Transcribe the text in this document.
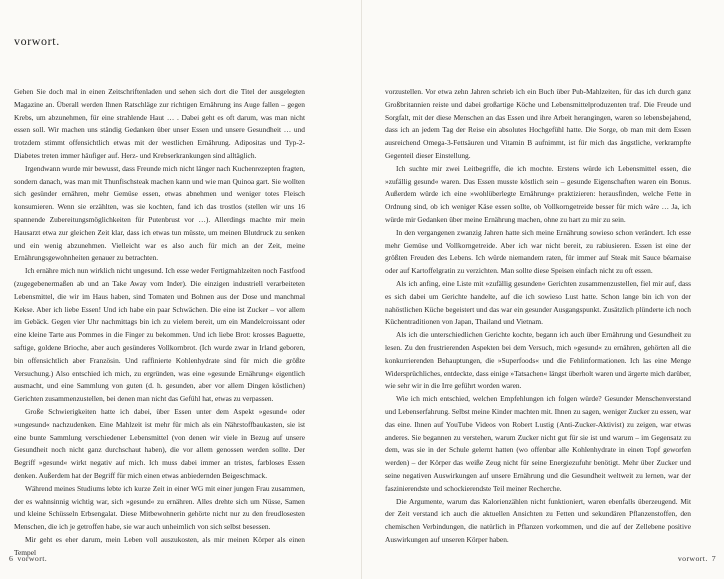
vorwort.

Gehen Sie doch mal in einen Zeitschriftenladen und sehen sich dort die Titel der ausgelegten Magazine an. Überall werden Ihnen Ratschläge zur richtigen Ernährung ins Auge fallen – gegen Krebs, um abzunehmen, für eine strahlende Haut … . Dabei geht es oft darum, was man nicht essen soll. Wir machen uns ständig Gedanken über unser Essen und unsere Gesundheit … und trotzdem stimmt offensichtlich etwas mit der westlichen Ernährung. Adipositas und Typ-2-Diabetes treten immer häufiger auf. Herz- und Krebserkrankungen sind alltäglich.

Irgendwann wurde mir bewusst, dass Freunde mich nicht länger nach Kuchenrezepten fragten, sondern danach, was man mit Thunfischsteak machen kann und wie man Quinoa gart. Sie wollten sich gesünder ernähren, mehr Gemüse essen, etwas abnehmen und weniger totes Fleisch konsumieren. Wenn sie erzählten, was sie kochten, fand ich das trostlos (stellen wir uns 16 spannende Zubereitungsmöglichkeiten für Putenbrust vor …). Allerdings machte mir mein Hausarzt etwa zur gleichen Zeit klar, dass ich etwas tun müsste, um meinen Blutdruck zu senken und ein wenig abzunehmen. Vielleicht war es also auch für mich an der Zeit, meine Ernährungsgewohnheiten genauer zu betrachten.

Ich ernähre mich nun wirklich nicht ungesund. Ich esse weder Fertigmahlzeiten noch Fastfood (zugegebenermaßen ab und an Take Away vom Inder). Die einzigen industriell verarbeiteten Lebensmittel, die wir im Haus haben, sind Tomaten und Bohnen aus der Dose und manchmal Kekse. Aber ich liebe Essen! Und ich habe ein paar Schwächen. Die eine ist Zucker – vor allem im Gebäck. Gegen vier Uhr nachmittags bin ich zu vielem bereit, um ein Mandelcroissant oder eine kleine Tarte aus Pommes in die Finger zu bekommen. Und ich liebe Brot: krosses Baguette, saftige, goldene Brioche, aber auch gesünderes Vollkornbrot. (Ich wurde zwar in Irland geboren, bin offensichtlich aber Französin. Und raffinierte Kohlenhydrate sind für mich die größte Versuchung.) Also entschied ich mich, zu ergründen, was eine »gesunde Ernährung« eigentlich ausmacht, und eine Sammlung von guten (d. h. gesunden, aber vor allem Dingen köstlichen) Gerichten zusammenzustellen, bei denen man nicht das Gefühl hat, etwas zu verpassen.

Große Schwierigkeiten hatte ich dabei, über Essen unter dem Aspekt »gesund« oder »ungesund« nachzudenken. Eine Mahlzeit ist mehr für mich als ein Nährstoffbaukasten, sie ist eine bunte Sammlung verschiedener Lebensmittel (von denen wir viele in Bezug auf unsere Gesundheit noch nicht ganz durchschaut haben), die vor allem genossen werden sollte. Der Begriff »gesund« wirkt negativ auf mich. Ich muss dabei immer an tristes, farbloses Essen denken. Außerdem hat der Begriff für mich einen etwas anbiedernden Beigeschmack.

Während meines Studiums lebte ich kurze Zeit in einer WG mit einer jungen Frau zusammen, der es wahnsinnig wichtig war, sich »gesund« zu ernähren. Alles drehte sich um Nüsse, Samen und kleine Schüsseln Erbsengalat. Diese Mitbewohnerin gehörte nicht nur zu den freudlosesten Menschen, die ich je getroffen habe, sie war auch unheimlich von sich selbst besessen.

Mir geht es eher darum, mein Leben voll auszukosten, als mir meinen Körper als einen Tempel

6 vorwort.

vorzustellen. Vor etwa zehn Jahren schrieb ich ein Buch über Pub-Mahlzeiten, für das ich durch ganz Großbritannien reiste und dabei großartige Köche und Lebensmittelproduzenten traf. Die Freude und Sorgfalt, mit der diese Menschen an das Essen und ihre Arbeit herangingen, waren so lebensbejahend, dass ich an jedem Tag der Reise ein absolutes Hochgefühl hatte. Die Sorge, ob man mit dem Essen ausreichend Omega-3-Fettsäuren und Vitamin B aufnimmt, ist für mich das ängstliche, verkrampfte Gegenteil dieser Einstellung.

Ich suchte mir zwei Leitbegriffe, die ich mochte. Erstens würde ich Lebensmittel essen, die »zufällig gesund« waren. Das Essen musste köstlich sein – gesunde Eigenschaften waren ein Bonus. Außerdem würde ich eine »wohlüberlegte Ernährung« praktizieren: herausfinden, welche Fette in Ordnung sind, ob ich weniger Käse essen sollte, ob Vollkorngetreide besser für mich wäre … Ja, ich würde mir Gedanken über meine Ernährung machen, ohne zu hart zu mir zu sein.

In den vergangenen zwanzig Jahren hatte sich meine Ernährung sowieso schon verändert. Ich esse mehr Gemüse und Vollkorngetreide. Aber ich war nicht bereit, zu rabiusieren. Essen ist eine der größten Freuden des Lebens. Ich würde niemandem raten, für immer auf Steak mit Sauce béarnaise oder auf Kartoffelgratin zu verzichten. Man sollte diese Speisen einfach nicht zu oft essen.

Als ich anfing, eine Liste mit »zufällig gesunden« Gerichten zusammenzustellen, fiel mir auf, dass es sich dabei um Gerichte handelte, auf die ich sowieso Lust hatte. Schon lange bin ich von der nahöstlichen Küche begeistert und das war ein gesunder Ausgangspunkt. Zusätzlich plünderte ich noch Küchentraditionen von Japan, Thailand und Vietnam.

Als ich die unterschiedlichen Gerichte kochte, begann ich auch über Ernährung und Gesundheit zu lesen. Zu den frustrierenden Aspekten bei dem Versuch, mich »gesund« zu ernähren, gehörten all die konkurrierenden Behauptungen, die »Superfoods« und die Fehlinformationen. Ich las eine Menge Widersprüchliches, entdeckte, dass einige »Tatsachen« längst überholt waren und ärgerte mich darüber, wie sehr wir in die Irre geführt worden waren.

Wie ich mich entschied, welchen Empfehlungen ich folgen würde? Gesunder Menschenverstand und Lebenserfahrung. Selbst meine Kinder machten mit. Ihnen zu sagen, weniger Zucker zu essen, war das eine. Ihnen auf YouTube Videos von Robert Lustig (Anti-Zucker-Aktivist) zu zeigen, war etwas anderes. Sie begannen zu verstehen, warum Zucker nicht gut für sie ist und warum – im Gegensatz zu dem, was sie in der Schule gelernt hatten (wo offenbar alle Kohlenhydrate in einen Topf geworfen werden) – der Körper das weiße Zeug nicht für seine Energiezufuhr benötigt. Mehr über Zucker und seine negativen Auswirkungen auf unsere Ernährung und die Gesundheit weltweit zu lernen, war der faszinierendste und schockierendste Teil meiner Recherche.

Die Argumente, warum das Kalorienzählen nicht funktioniert, waren ebenfalls überzeugend. Mit der Zeit verstand ich auch die aktuellen Ansichten zu Fetten und sekundären Pflanzenstoffen, den chemischen Verbindungen, die natürlich in Pflanzen vorkommen, und die auf der Zellebene positive Auswirkungen auf unseren Körper haben.

vorwort. 7
